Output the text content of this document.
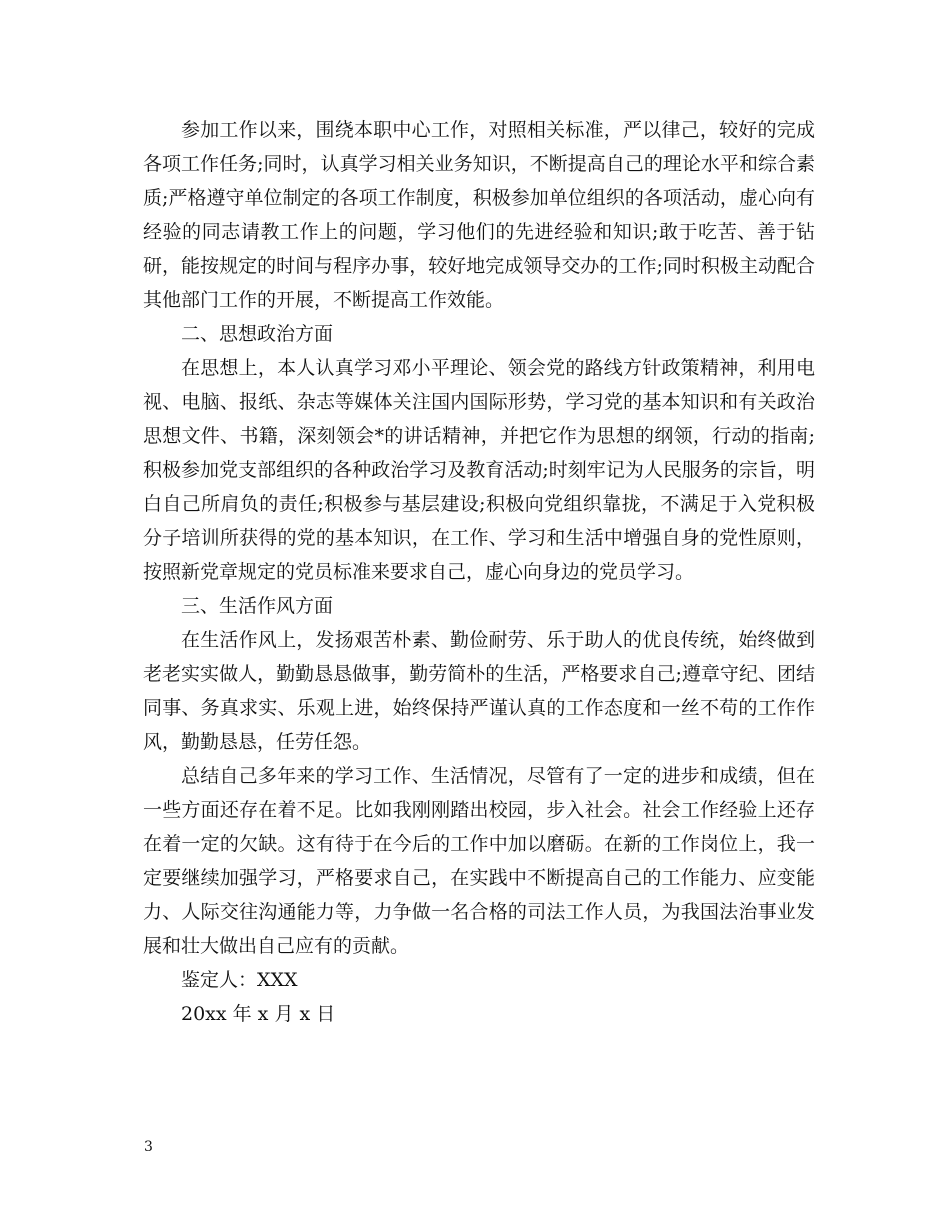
参加工作以来，围绕本职中心工作，对照相关标准，严以律己，较好的完成各项工作任务;同时，认真学习相关业务知识，不断提高自己的理论水平和综合素质;严格遵守单位制定的各项工作制度，积极参加单位组织的各项活动，虚心向有经验的同志请教工作上的问题，学习他们的先进经验和知识;敢于吃苦、善于钻研，能按规定的时间与程序办事，较好地完成领导交办的工作;同时积极主动配合其他部门工作的开展，不断提高工作效能。

二、思想政治方面

在思想上，本人认真学习邓小平理论、领会党的路线方针政策精神，利用电视、电脑、报纸、杂志等媒体关注国内国际形势，学习党的基本知识和有关政治思想文件、书籍，深刻领会*的讲话精神，并把它作为思想的纲领，行动的指南;积极参加党支部组织的各种政治学习及教育活动;时刻牢记为人民服务的宗旨，明白自己所肩负的责任;积极参与基层建设;积极向党组织靠拢，不满足于入党积极分子培训所获得的党的基本知识，在工作、学习和生活中增强自身的党性原则，按照新党章规定的党员标准来要求自己，虚心向身边的党员学习。

三、生活作风方面

在生活作风上，发扬艰苦朴素、勤俭耐劳、乐于助人的优良传统，始终做到老老实实做人，勤勤恳恳做事，勤劳简朴的生活，严格要求自己;遵章守纪、团结同事、务真求实、乐观上进，始终保持严谨认真的工作态度和一丝不苟的工作作风，勤勤恳恳，任劳任怨。

总结自己多年来的学习工作、生活情况，尽管有了一定的进步和成绩，但在一些方面还存在着不足。比如我刚刚踏出校园，步入社会。社会工作经验上还存在着一定的欠缺。这有待于在今后的工作中加以磨砺。在新的工作岗位上，我一定要继续加强学习，严格要求自己，在实践中不断提高自己的工作能力、应变能力、人际交往沟通能力等，力争做一名合格的司法工作人员，为我国法治事业发展和壮大做出自己应有的贡献。

鉴定人：XXX

20xx 年 x 月 x 日

3
